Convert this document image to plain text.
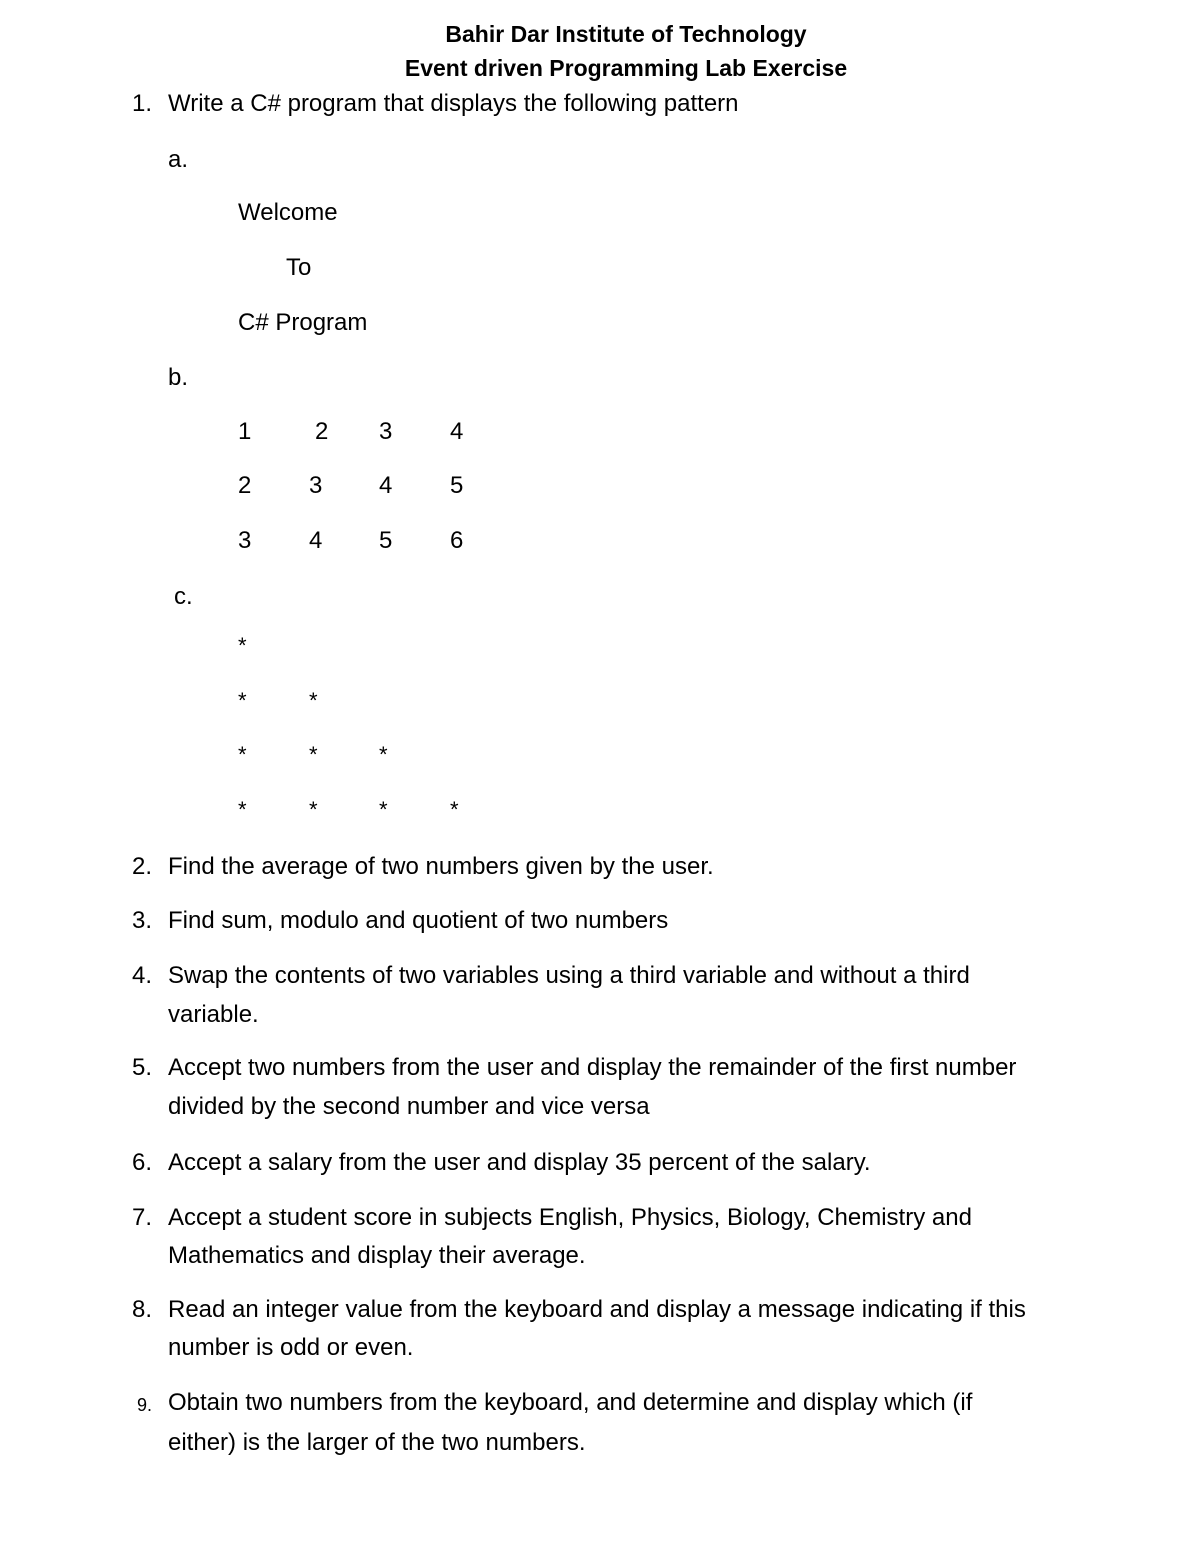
Bahir Dar Institute of Technology
Event driven Programming Lab Exercise
1. Write a C# program that displays the following pattern
a.
Welcome
To
C# Program
b.
1	2 3 4
2 3 4 5
3 4 5 6
c.
*
*	*
*	*	*
*	*	*	*
2. Find the average of two numbers given by the user.
3. Find sum, modulo and quotient of two numbers
4. Swap the contents of two variables using a third variable and without a third
variable.
5. Accept two numbers from the user and display the remainder of the first number
divided by the second number and vice versa
6. Accept a salary from the user and display 35 percent of the salary.
7. Accept a student score in subjects English, Physics, Biology, Chemistry and
Mathematics and display their average.
8. Read an integer value from the keyboard and display a message indicating if this
number is odd or even.
9. Obtain two numbers from the keyboard, and determine and display which (if
either) is the larger of the two numbers.
